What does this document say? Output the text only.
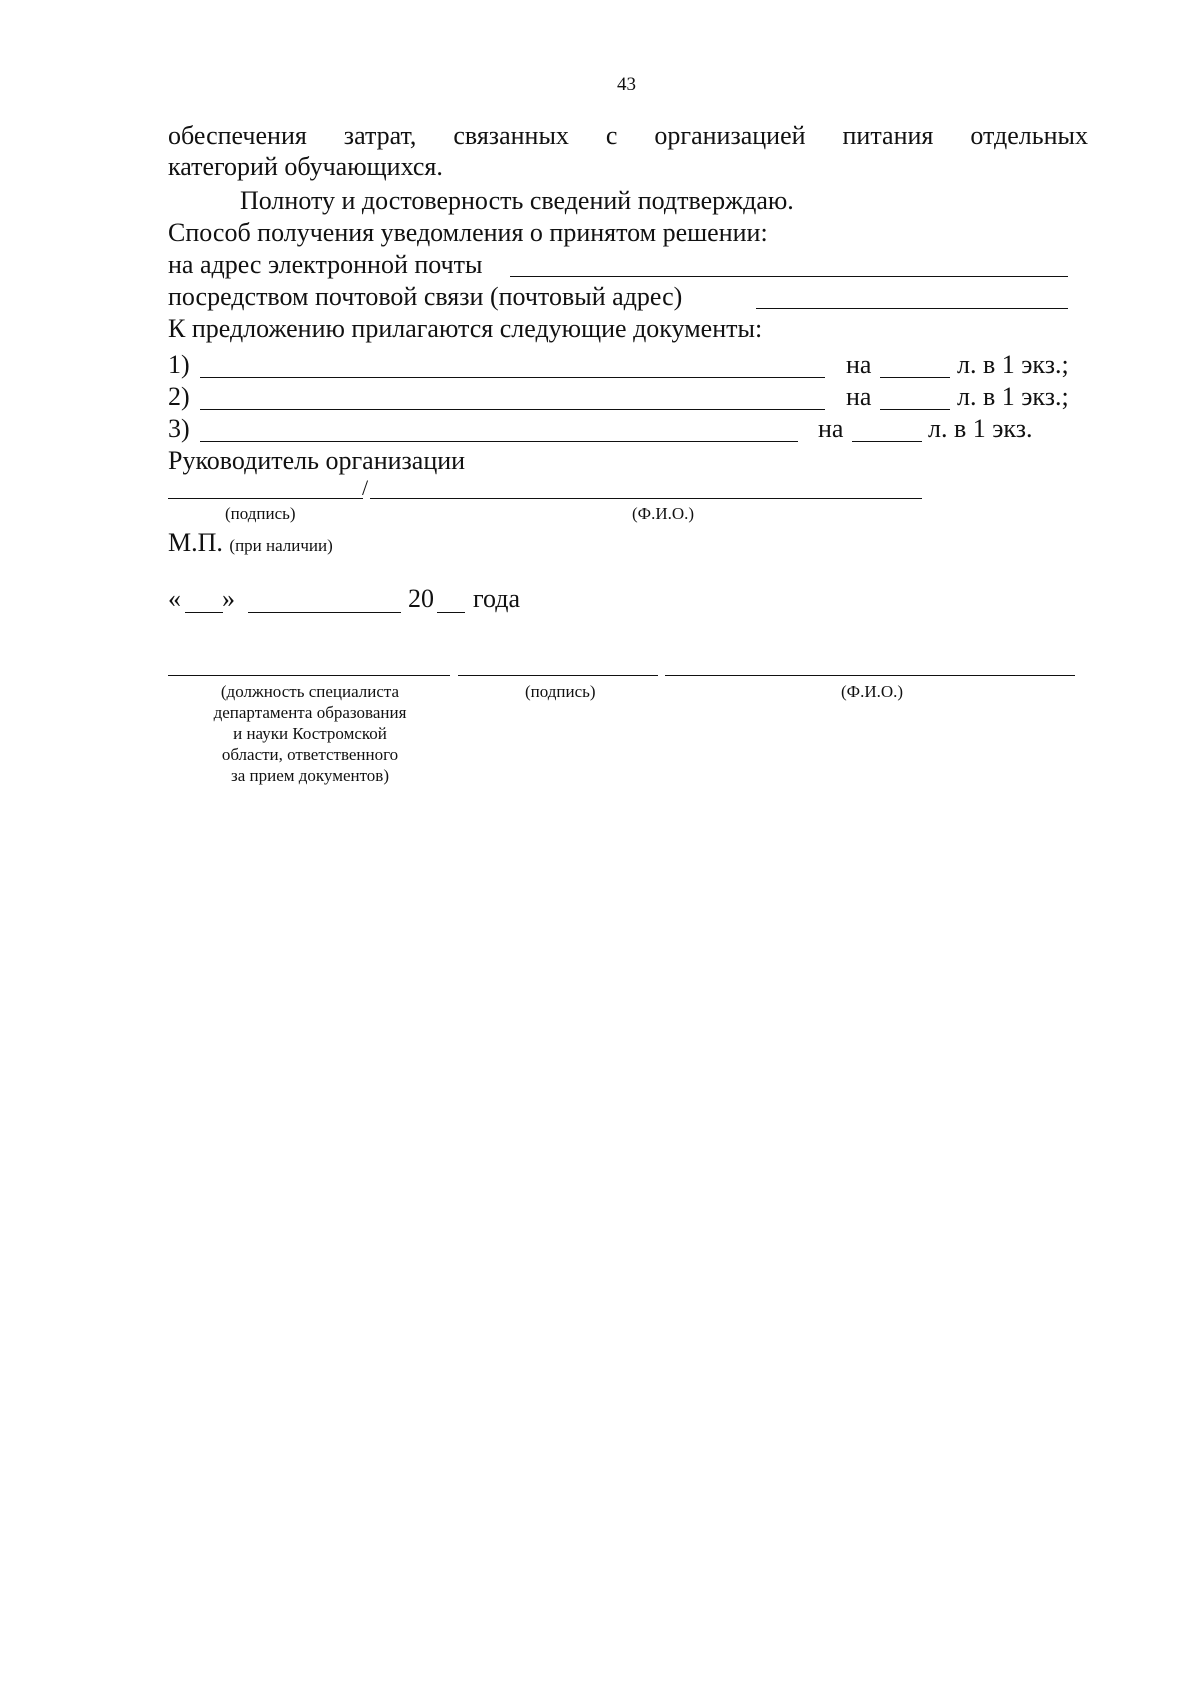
43
обеспечения затрат, связанных с организацией питания отдельных
категорий обучающихся.
Полноту и достоверность сведений подтверждаю.
Способ получения уведомления о принятом решении:
на адрес электронной почты
посредством почтовой связи (почтовый адрес)
К предложению прилагаются следующие документы:
1)	на	л. в 1 экз.;
2)	на	л. в 1 экз.;
3)	на	л. в 1 экз.
Руководитель организации
/
(подпись)	(Ф.И.О.)
М.П. (при наличии)
« »	20 года
(должность специалиста
департамента образования
и науки Костромской
области, ответственного
за прием документов)
(подпись)	(Ф.И.О.)
